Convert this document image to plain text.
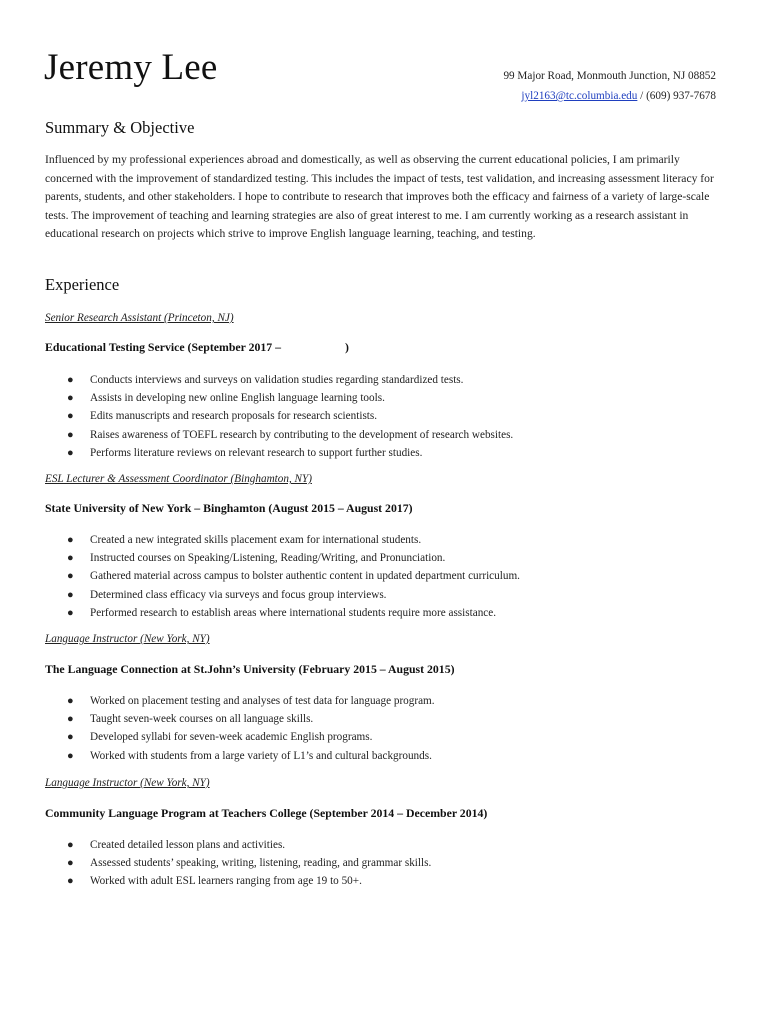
Jeremy Lee	99 Major Road, Monmouth Junction, NJ 08852
jyl2163@tc.columbia.edu / (609) 937-7678
Summary & Objective

Influenced by my professional experiences abroad and domestically, as well as observing the current educational policies, I am primarily concerned with the improvement of standardized testing. This includes the impact of tests, test validation, and increasing assessment literacy for parents, students, and other stakeholders. I hope to contribute to research that improves both the efficacy and fairness of a variety of large-scale tests. The improvement of teaching and learning strategies are also of great interest to me. I am currently working as a research assistant in educational research on projects which strive to improve English language learning, teaching, and testing.

Experience

Senior Research Assistant (Princeton, NJ)

Educational Testing Service (September 2017 –	)

● Conducts interviews and surveys on validation studies regarding standardized tests.
● Assists in developing new online English language learning tools.
● Edits manuscripts and research proposals for research scientists.
● Raises awareness of TOEFL research by contributing to the development of research websites.
● Performs literature reviews on relevant research to support further studies.

ESL Lecturer & Assessment Coordinator (Binghamton, NY)

State University of New York – Binghamton (August 2015 – August 2017)

● Created a new integrated skills placement exam for international students.
● Instructed courses on Speaking/Listening, Reading/Writing, and Pronunciation.
● Gathered material across campus to bolster authentic content in updated department curriculum.
● Determined class efficacy via surveys and focus group interviews.
● Performed research to establish areas where international students require more assistance.

Language Instructor (New York, NY)

The Language Connection at St.John’s University (February 2015 – August 2015)

● Worked on placement testing and analyses of test data for language program.
● Taught seven-week courses on all language skills.
● Developed syllabi for seven-week academic English programs.
● Worked with students from a large variety of L1’s and cultural backgrounds.

Language Instructor (New York, NY)

Community Language Program at Teachers College (September 2014 – December 2014)

● Created detailed lesson plans and activities.
● Assessed students’ speaking, writing, listening, reading, and grammar skills.
● Worked with adult ESL learners ranging from age 19 to 50+.
